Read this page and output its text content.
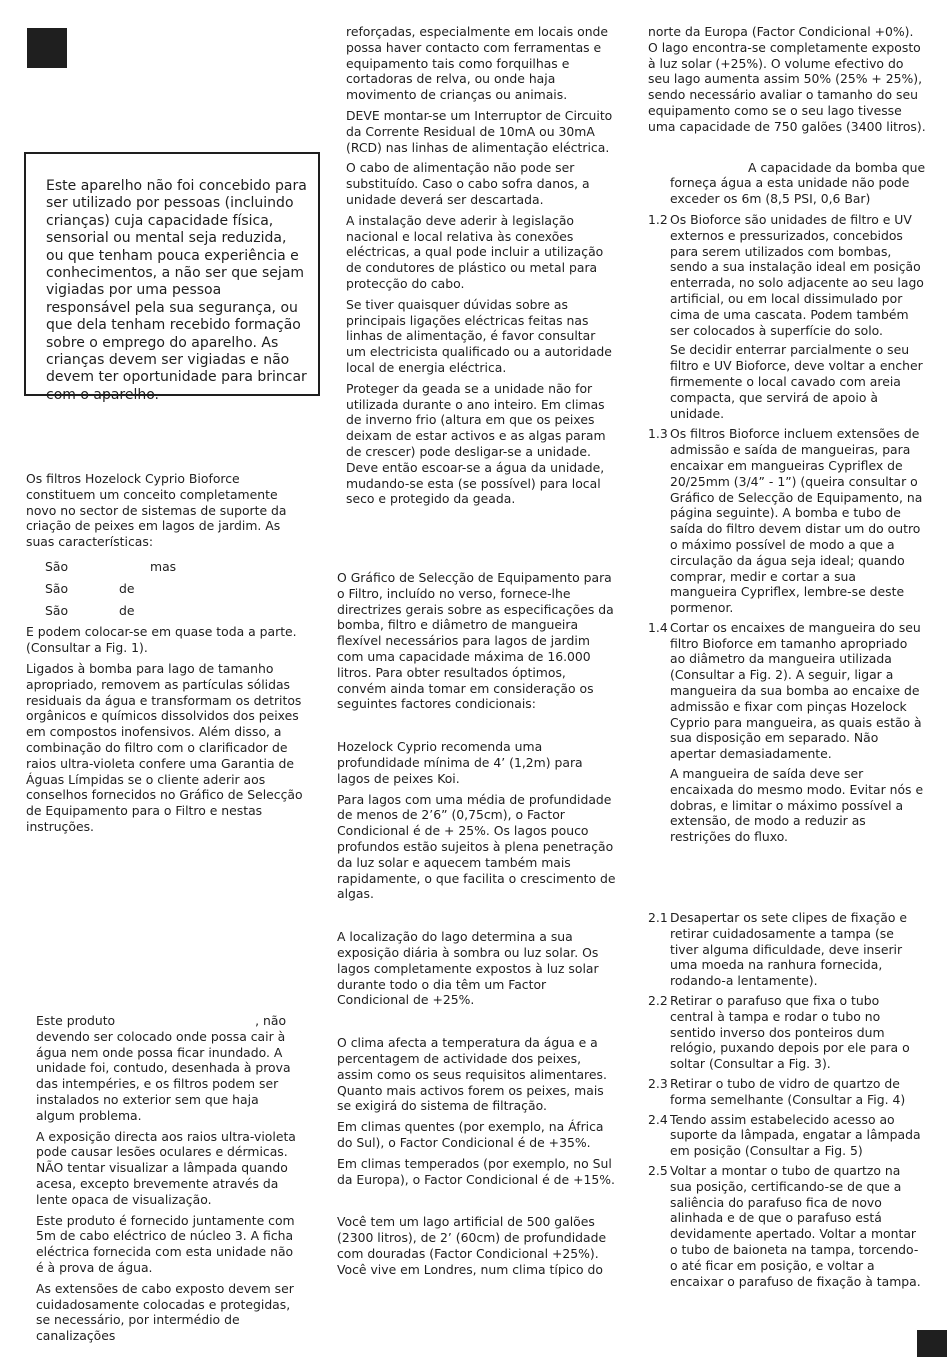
Este aparelho não foi concebido para ser utilizado por pessoas (incluindo crianças) cuja capacidade física, sensorial ou mental seja reduzida, ou que tenham pouca experiência e conhecimentos, a não ser que sejam vigiadas por uma pessoa responsável pela sua segurança, ou que dela tenham recebido formação sobre o emprego do aparelho. As crianças devem ser vigiadas e não devem ter oportunidade para brincar com o aparelho.

Os filtros Hozelock Cyprio Bioforce constituem um conceito completamente novo no sector de sistemas de suporte da criação de peixes em lagos de jardim. As suas características:

São	mas
São	de
São	de

E podem colocar-se em quase toda a parte. (Consultar a Fig. 1).

Ligados à bomba para lago de tamanho apropriado, removem as partículas sólidas residuais da água e transformam os detritos orgânicos e químicos dissolvidos dos peixes em compostos inofensivos. Além disso, a combinação do filtro com o clarificador de raios ultra-violeta confere uma Garantia de Águas Límpidas se o cliente aderir aos conselhos fornecidos no Gráfico de Selecção de Equipamento para o Filtro e nestas instruções.

Este produto	, não devendo ser colocado onde possa cair à água nem onde possa ficar inundado. A unidade foi, contudo, desenhada à prova das intempéries, e os filtros podem ser instalados no exterior sem que haja algum problema.

A exposição directa aos raios ultra-violeta pode causar lesões oculares e dérmicas. NÃO tentar visualizar a lâmpada quando acesa, excepto brevemente através da lente opaca de visualização.

Este produto é fornecido juntamente com 5m de cabo eléctrico de núcleo 3. A ficha eléctrica fornecida com esta unidade não é à prova de água.

As extensões de cabo exposto devem ser cuidadosamente colocadas e protegidas, se necessário, por intermédio de canalizações

reforçadas, especialmente em locais onde possa haver contacto com ferramentas e equipamento tais como forquilhas e cortadoras de relva, ou onde haja movimento de crianças ou animais.

DEVE montar-se um Interruptor de Circuito da Corrente Residual de 10mA ou 30mA (RCD) nas linhas de alimentação eléctrica.

O cabo de alimentação não pode ser substituído. Caso o cabo sofra danos, a unidade deverá ser descartada.

A instalação deve aderir à legislação nacional e local relativa às conexões eléctricas, a qual pode incluir a utilização de condutores de plástico ou metal para protecção do cabo.

Se tiver quaisquer dúvidas sobre as principais ligações eléctricas feitas nas linhas de alimentação, é favor consultar um electricista qualificado ou a autoridade local de energia eléctrica.

Proteger da geada se a unidade não for utilizada durante o ano inteiro. Em climas de inverno frio (altura em que os peixes deixam de estar activos e as algas param de crescer) pode desligar-se a unidade. Deve então escoar-se a água da unidade, mudando-se esta (se possível) para local seco e protegido da geada.

O Gráfico de Selecção de Equipamento para o Filtro, incluído no verso, fornece-lhe directrizes gerais sobre as especificações da bomba, filtro e diâmetro de mangueira flexível necessários para lagos de jardim com uma capacidade máxima de 16.000 litros. Para obter resultados óptimos, convém ainda tomar em consideração os seguintes factores condicionais:

Hozelock Cyprio recomenda uma profundidade mínima de 4’ (1,2m) para lagos de peixes Koi.

Para lagos com uma média de profundidade de menos de 2’6” (0,75cm), o Factor Condicional é de + 25%. Os lagos pouco profundos estão sujeitos à plena penetração da luz solar e aquecem também mais rapidamente, o que facilita o crescimento de algas.

A localização do lago determina a sua exposição diária à sombra ou luz solar. Os lagos completamente expostos à luz solar durante todo o dia têm um Factor Condicional de +25%.

O clima afecta a temperatura da água e a percentagem de actividade dos peixes, assim como os seus requisitos alimentares. Quanto mais activos forem os peixes, mais se exigirá do sistema de filtração.

Em climas quentes (por exemplo, na África do Sul), o Factor Condicional é de +35%.

Em climas temperados (por exemplo, no Sul da Europa), o Factor Condicional é de +15%.

Você tem um lago artificial de 500 galões (2300 litros), de 2’ (60cm) de profundidade com douradas (Factor Condicional +25%). Você vive em Londres, num clima típico do

norte da Europa (Factor Condicional +0%). O lago encontra-se completamente exposto à luz solar (+25%). O volume efectivo do seu lago aumenta assim 50% (25% + 25%), sendo necessário avaliar o tamanho do seu equipamento como se o seu lago tivesse uma capacidade de 750 galões (3400 litros).

A capacidade da bomba que forneça água a esta unidade não pode exceder os 6m (8,5 PSI, 0,6 Bar)

1.2 Os Bioforce são unidades de filtro e UV externos e pressurizados, concebidos para serem utilizados com bombas, sendo a sua instalação ideal em posição enterrada, no solo adjacente ao seu lago artificial, ou em local dissimulado por cima de uma cascata. Podem também ser colocados à superfície do solo.

Se decidir enterrar parcialmente o seu filtro e UV Bioforce, deve voltar a encher firmemente o local cavado com areia compacta, que servirá de apoio à unidade.

1.3 Os filtros Bioforce incluem extensões de admissão e saída de mangueiras, para encaixar em mangueiras Cypriflex de 20/25mm (3/4” - 1”) (queira consultar o Gráfico de Selecção de Equipamento, na página seguinte). A bomba e tubo de saída do filtro devem distar um do outro o máximo possível de modo a que a circulação da água seja ideal; quando comprar, medir e cortar a sua mangueira Cypriflex, lembre-se deste pormenor.
1.4 Cortar os encaixes de mangueira do seu filtro Bioforce em tamanho apropriado ao diâmetro da mangueira utilizada (Consultar a Fig. 2). A seguir, ligar a mangueira da sua bomba ao encaixe de admissão e fixar com pinças Hozelock Cyprio para mangueira, as quais estão à sua disposição em separado. Não apertar demasiadamente.

A mangueira de saída deve ser encaixada do mesmo modo. Evitar nós e dobras, e limitar o máximo possível a extensão, de modo a reduzir as restrições do fluxo.

2.1 Desapertar os sete clipes de fixação e retirar cuidadosamente a tampa (se tiver alguma dificuldade, deve inserir uma moeda na ranhura fornecida, rodando-a lentamente).
2.2 Retirar o parafuso que fixa o tubo central à tampa e rodar o tubo no sentido inverso dos ponteiros dum relógio, puxando depois por ele para o soltar (Consultar a Fig. 3).
2.3 Retirar o tubo de vidro de quartzo de forma semelhante (Consultar a Fig. 4)
2.4 Tendo assim estabelecido acesso ao suporte da lâmpada, engatar a lâmpada em posição (Consultar a Fig. 5)
2.5 Voltar a montar o tubo de quartzo na sua posição, certificando-se de que a saliência do parafuso fica de novo alinhada e de que o parafuso está devidamente apertado. Voltar a montar o tubo de baioneta na tampa, torcendo-o até ficar em posição, e voltar a encaixar o parafuso de fixação à tampa.
